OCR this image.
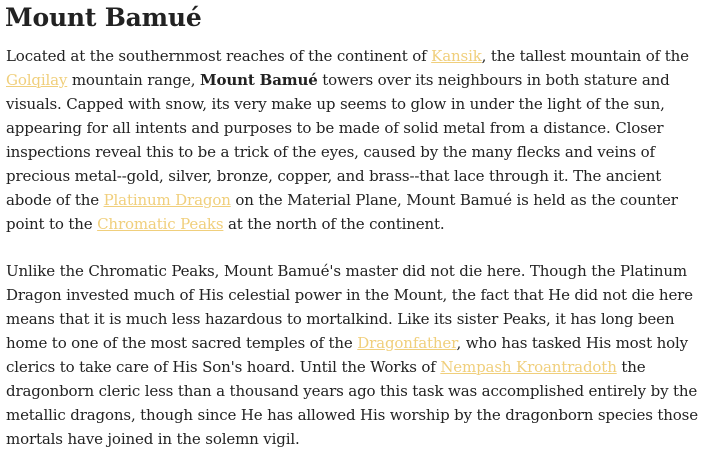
Mount Bamué

Located at the southernmost reaches of the continent of Kansik, the tallest mountain of the Golqilay mountain range, Mount Bamué towers over its neighbours in both stature and visuals. Capped with snow, its very make up seems to glow in under the light of the sun, appearing for all intents and purposes to be made of solid metal from a distance. Closer inspections reveal this to be a trick of the eyes, caused by the many flecks and veins of precious metal--gold, silver, bronze, copper, and brass--that lace through it. The ancient abode of the Platinum Dragon on the Material Plane, Mount Bamué is held as the counter point to the Chromatic Peaks at the north of the continent.

Unlike the Chromatic Peaks, Mount Bamué's master did not die here. Though the Platinum Dragon invested much of His celestial power in the Mount, the fact that He did not die here means that it is much less hazardous to mortalkind. Like its sister Peaks, it has long been home to one of the most sacred temples of the Dragonfather, who has tasked His most holy clerics to take care of His Son's hoard. Until the Works of Nempash Kroantradoth the dragonborn cleric less than a thousand years ago this task was accomplished entirely by the metallic dragons, though since He has allowed His worship by the dragonborn species those mortals have joined in the solemn vigil.
